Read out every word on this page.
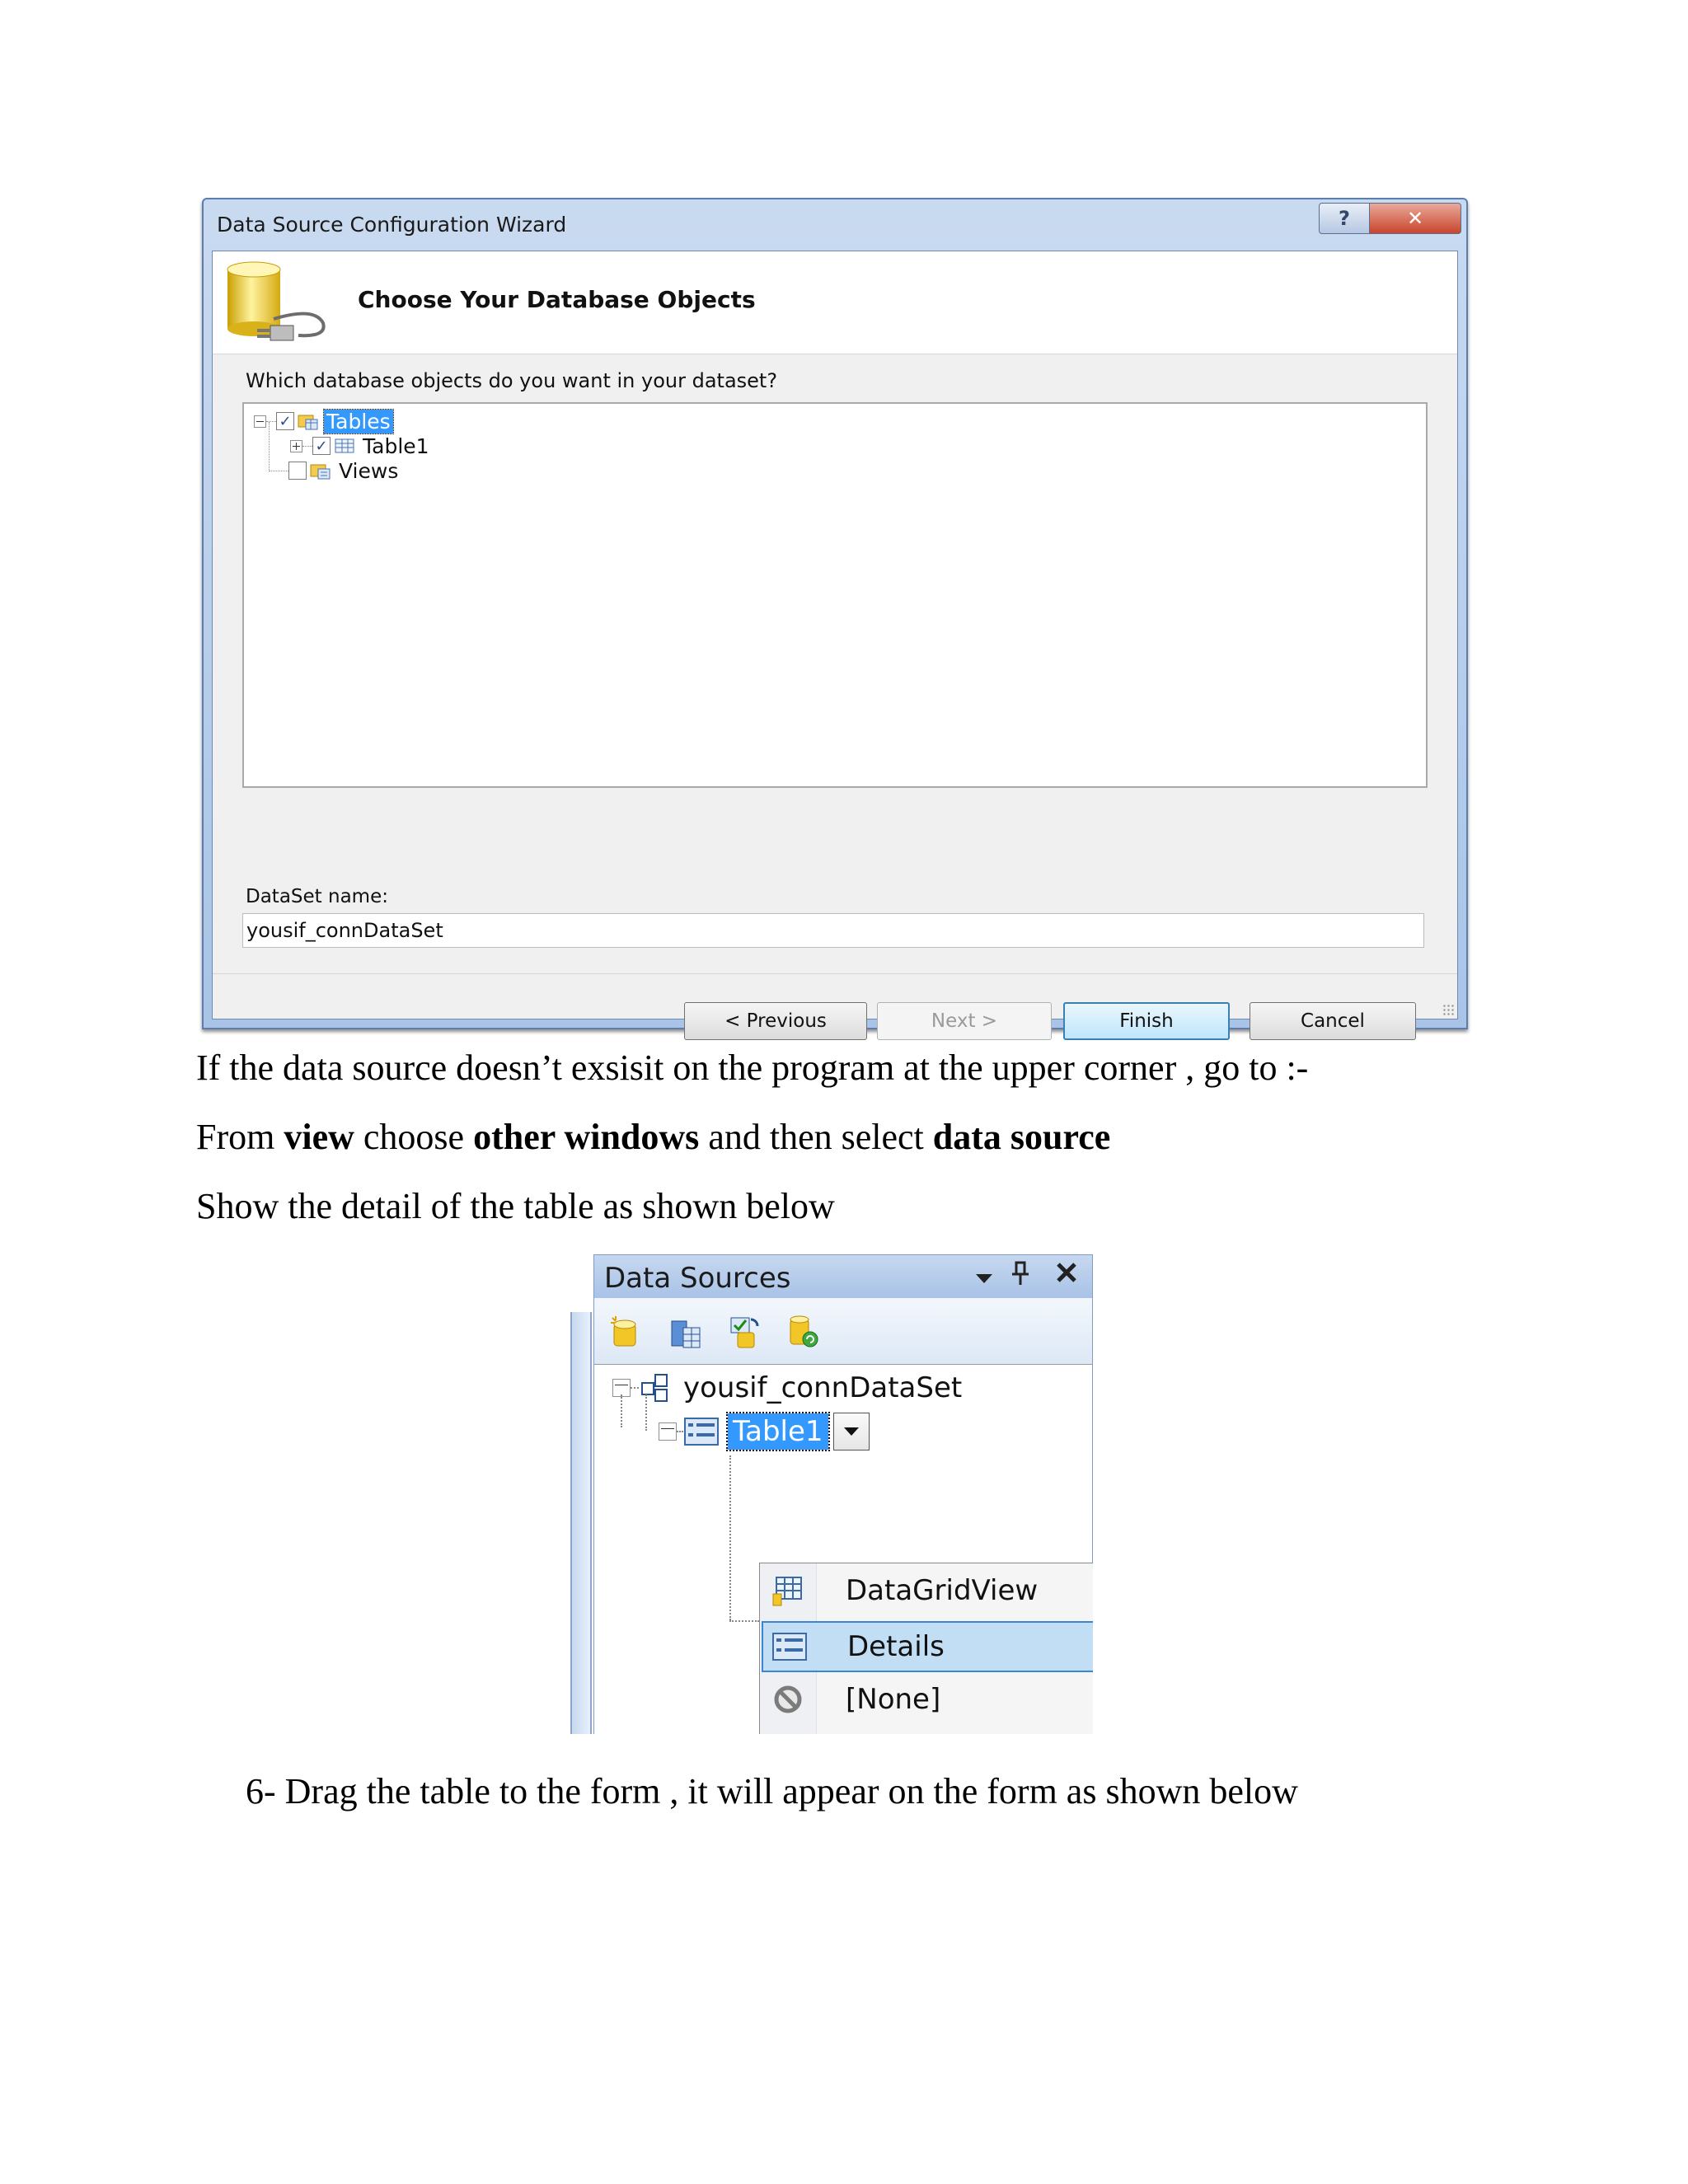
Data Source Configuration Wizard	?	✕
Choose Your Database Objects
Which database objects do you want in your dataset?
✓ Tables
✓ Table1
Views
DataSet name:
yousif_connDataSet
< Previous	Next >	Finish	Cancel

If the data source doesn’t exsisit on the program at the upper corner , go to :-

From view choose other windows and then select data source

Show the detail of the table as shown below

Data Sources
yousif_connDataSet
Table1
DataGridView
Details
[None]

6- Drag the table to the form , it will appear on the form as shown below
